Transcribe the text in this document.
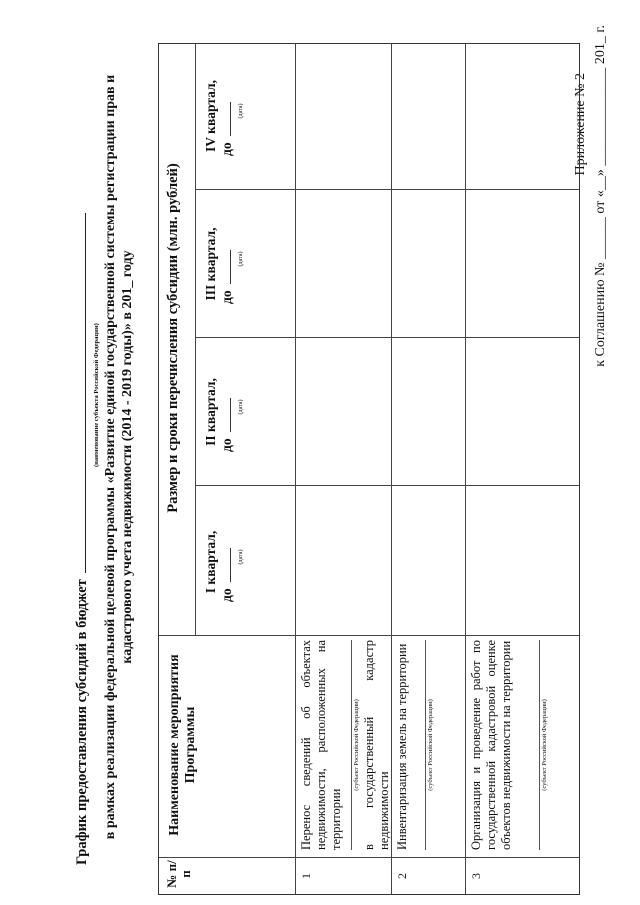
Приложение № 2 к Соглашению № ______ от «__» ______________ 201_ г.
График предоставления субсидий в бюджет
(наименование субъекта Российской Федерации) в рамках реализации федеральной целевой программы «Развитие единой государственной системы регистрации прав и кадастрового учета недвижимости (2014 - 2019 годы)» в 201_ году
№ п/п
Наименование мероприятия Программы
Размер и сроки перечисления субсидии (млн. рублей)
I квартал,
до
(дата)
II квартал, до
(дата)
III квартал, до
(дата)
IV квартал, до
(дата)
1
Перенос сведений об объектах недвижимости, расположенных на территории
(субъект Российской Федерации) в государственный кадастр недвижимости
2
Инвентаризация земель на территории	(субъект Российской Федерации)
3
Организация и проведение работ по государственной кадастровой оценке объектов недвижимости на территории	(субъект Российской Федерации)
